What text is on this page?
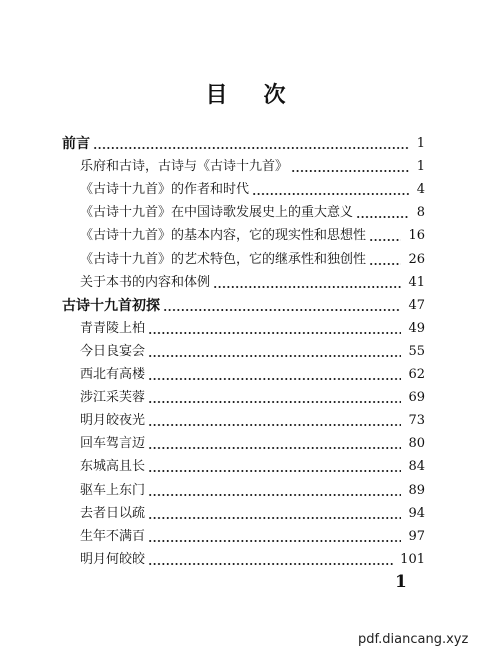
目 次
前言	1
乐府和古诗，古诗与《古诗十九首》	1
《古诗十九首》的作者和时代	4
《古诗十九首》在中国诗歌发展史上的重大意义	8
《古诗十九首》的基本内容，它的现实性和思想性	16
《古诗十九首》的艺术特色，它的继承性和独创性	26
关于本书的内容和体例	41
古诗十九首初探	47
青青陵上柏	49
今日良宴会	55
西北有高楼	62
涉江采芙蓉	69
明月皎夜光	73
回车驾言迈	80
东城高且长	84
驱车上东门	89
去者日以疏	94
生年不满百	97
明月何皎皎	101
1
pdf.diancang.xyz
